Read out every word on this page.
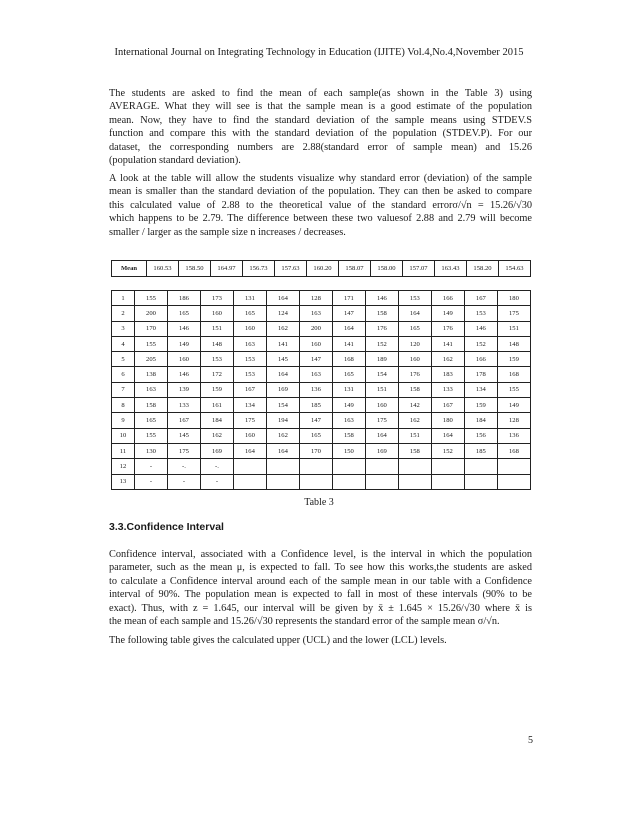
International Journal on Integrating Technology in Education (IJITE) Vol.4,No.4,November 2015
The students are asked to find the mean of each sample(as shown in the Table 3) using
AVERAGE. What they will see is that the sample mean is a good estimate of the population
mean. Now, they have to find the standard deviation of the sample means using STDEV.S
function and compare this with the standard deviation of the population (STDEV.P). For our
dataset, the corresponding numbers are 2.88(standard error of sample mean) and 15.26
(population standard deviation).
A look at the table will allow the students visualize why standard error (deviation) of the sample
mean is smaller than the standard deviation of the population. They can then be asked to compare
this calculated value of 2.88 to the theoretical value of the standard errorσ/√n = 15.26/√30
which happens to be 2.79. The difference between these two valuesof 2.88 and 2.79 will become
smaller / larger as the sample size n increases / decreases.
Mean	160.53	158.50	164.97	156.73	157.63	160.20	158.07	158.00	157.07	163.43	158.20	154.63
1	155	186	173	131	164	128	171	146	153	166	167	180
2	200	165	160	165	124	163	147	158	164	149	153	175
3	170	146	151	160	162	200	164	176	165	176	146	151
4	155	149	148	163	141	160	141	152	120	141	152	148
5	205	160	153	153	145	147	168	189	160	162	166	159
6	138	146	172	153	164	163	165	154	176	183	178	168
7	163	139	159	167	169	136	131	151	158	133	134	155
8	158	133	161	134	154	185	149	160	142	167	159	149
9	165	167	184	175	194	147	163	175	162	180	184	128
10	155	145	162	160	162	165	158	164	151	164	156	136
11	130	175	169	164	164	170	150	169	158	152	185	168
12	-	-.	-.									
13	-	-	-									
Table 3
3.3.Confidence Interval
Confidence interval, associated with a Confidence level, is the interval in which the population
parameter, such as the mean μ, is expected to fall. To see how this works,the students are asked
to calculate a Confidence interval around each of the sample mean in our table with a Confidence
interval of 90%. The population mean is expected to fall in most of these intervals (90% to be
exact). Thus, with z = 1.645, our interval will be given by x̄ ± 1.645 × 15.26/√30 where x̄ is
the mean of each sample and 15.26/√30 represents the standard error of the sample mean σ/√n.
The following table gives the calculated upper (UCL) and the lower (LCL) levels.
5
